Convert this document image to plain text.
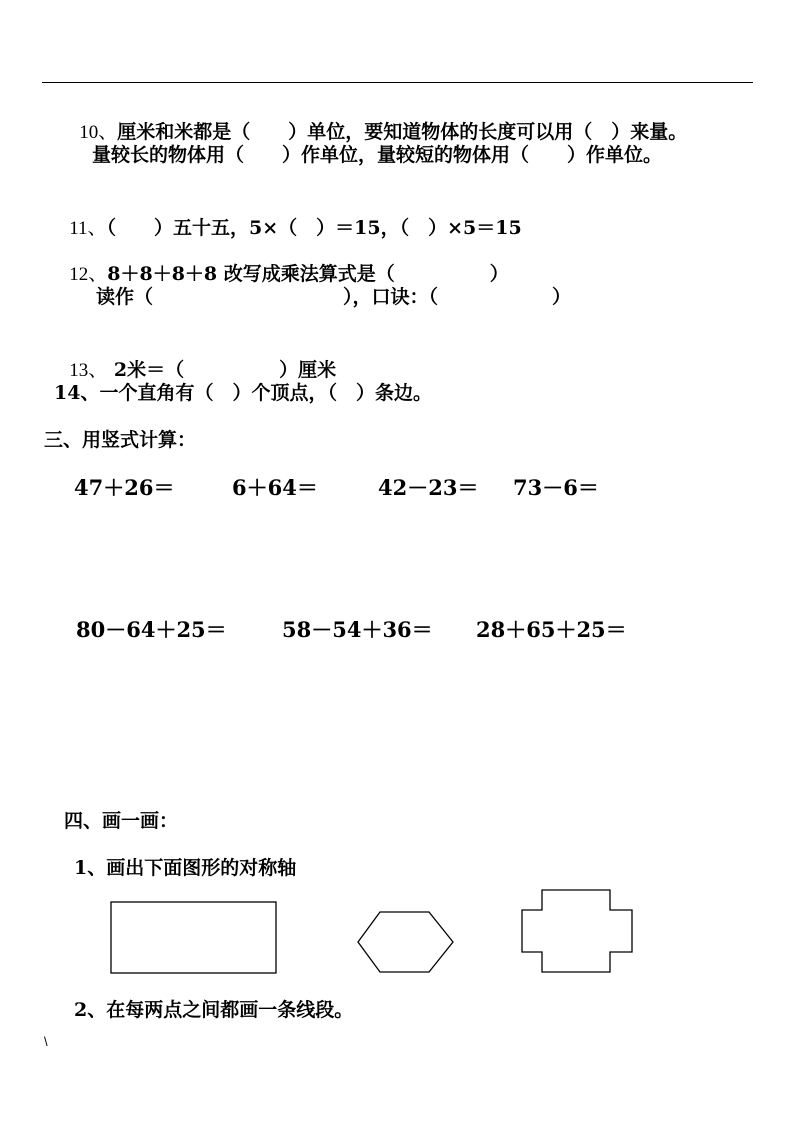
10、厘米和米都是（　　）单位，要知道物体的长度可以用（　）来量。

量较长的物体用（　　）作单位，量较短的物体用（　　）作单位。

11、（　　）五十五，5×（　）＝15，（　）×5＝15

12、8＋8＋8＋8 改写成乘法算式是（　　　　　）

读作（　　　　　　　　　　），口诀：（　　　　　　）

13、 2米＝（　　　　　）厘米

14、一个直角有（　）个顶点，（　）条边。
三、用竖式计算：
47＋26＝	6＋64＝	42－23＝ 73－6＝
80－64＋25＝	58－54＋36＝ 28＋65＋25＝
四、画一画：
1、画出下面图形的对称轴
2、在每两点之间都画一条线段。
\
